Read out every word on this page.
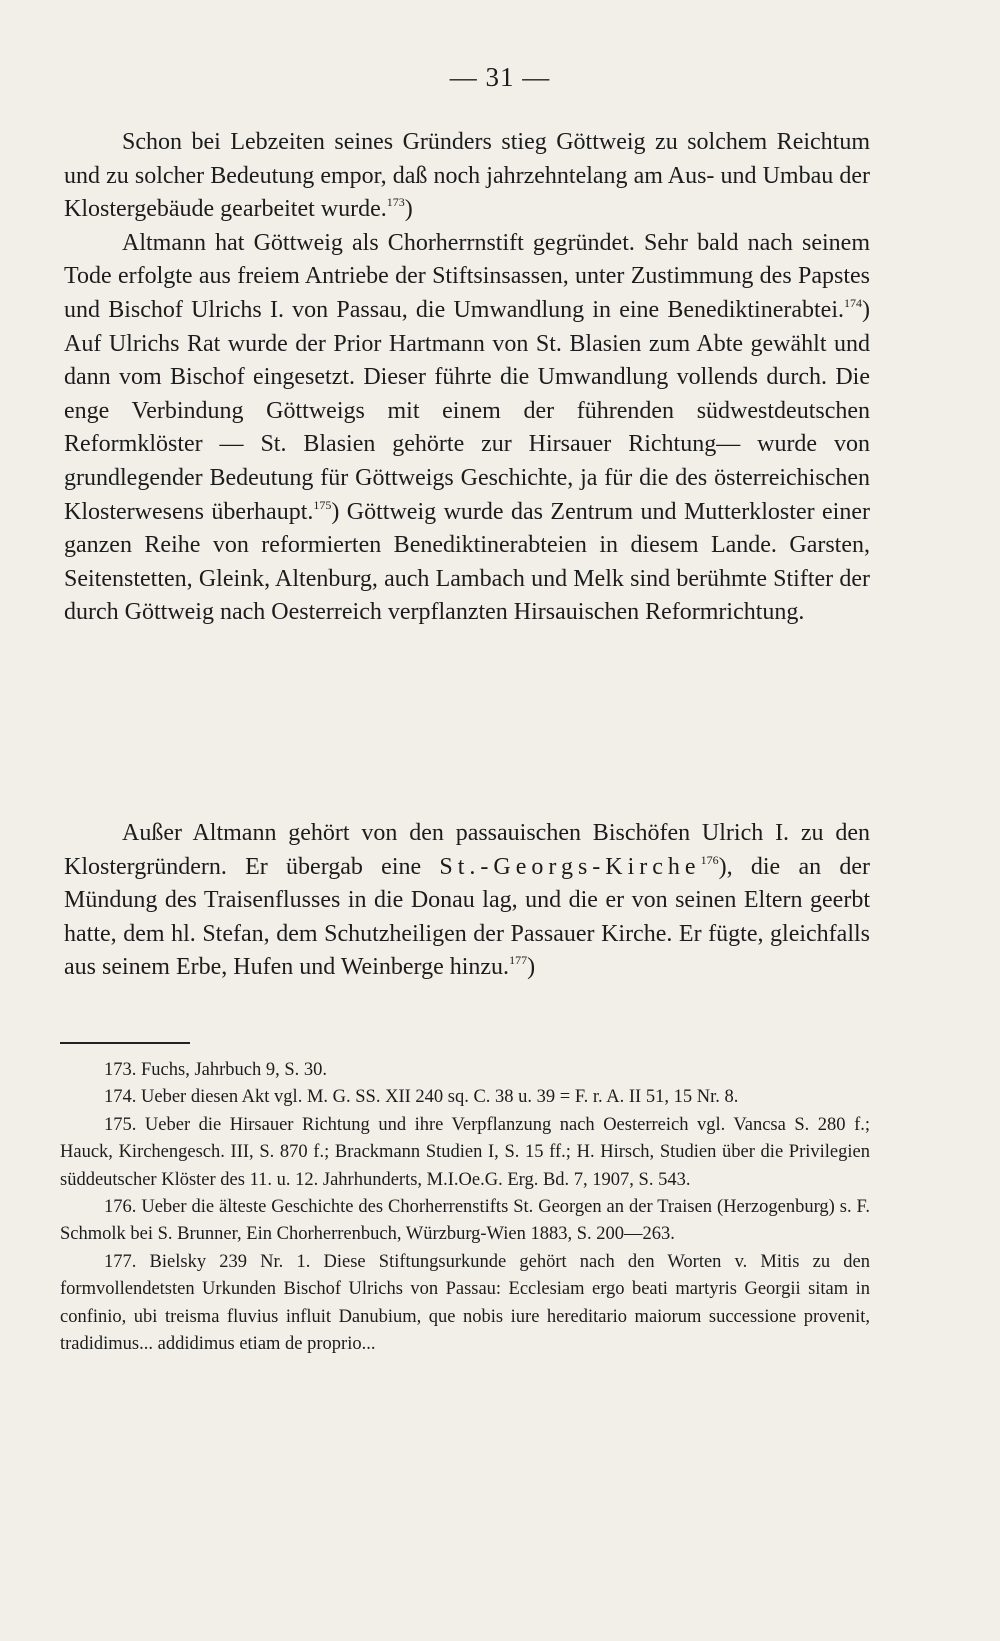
— 31 —

Schon bei Lebzeiten seines Gründers stieg Göttweig zu solchem Reichtum und zu solcher Bedeutung empor, daß noch jahrzehntelang am Aus- und Umbau der Klostergebäude gearbeitet wurde.$^{173}$)

Altmann hat Göttweig als Chorherrnstift gegründet. Sehr bald nach seinem Tode erfolgte aus freiem Antriebe der Stiftsinsassen, unter Zustimmung des Papstes und Bischof Ulrichs I. von Passau, die Umwandlung in eine Benediktinerabtei.$^{174}$) Auf Ulrichs Rat wurde der Prior Hartmann von St. Blasien zum Abte gewählt und dann vom Bischof eingesetzt. Dieser führte die Umwandlung vollends durch. Die enge Verbindung Göttweigs mit einem der führenden südwestdeutschen Reformklöster — St. Blasien gehörte zur Hirsauer Richtung— wurde von grundlegender Bedeutung für Göttweigs Geschichte, ja für die des österreichischen Klosterwesens überhaupt.$^{175}$) Göttweig wurde das Zentrum und Mutterkloster einer ganzen Reihe von reformierten Benediktinerabteien in diesem Lande. Garsten, Seitenstetten, Gleink, Altenburg, auch Lambach und Melk sind berühmte Stifter der durch Göttweig nach Oesterreich verpflanzten Hirsauischen Reformrichtung.

Außer Altmann gehört von den passauischen Bischöfen Ulrich I. zu den Klostergründern. Er übergab eine St.-Georgs-Kirche$^{176}$), die an der Mündung des Traisenflusses in die Donau lag, und die er von seinen Eltern geerbt hatte, dem hl. Stefan, dem Schutzheiligen der Passauer Kirche. Er fügte, gleichfalls aus seinem Erbe, Hufen und Weinberge hinzu.$^{177}$)

173. Fuchs, Jahrbuch 9, S. 30.

174. Ueber diesen Akt vgl. M. G. SS. XII 240 sq. C. 38 u. 39 = F. r. A. II 51, 15 Nr. 8.

175. Ueber die Hirsauer Richtung und ihre Verpflanzung nach Oesterreich vgl. Vancsa S. 280 f.; Hauck, Kirchengesch. III, S. 870 f.; Brackmann Studien I, S. 15 ff.; H. Hirsch, Studien über die Privilegien süddeutscher Klöster des 11. u. 12. Jahrhunderts, M.I.Oe.G. Erg. Bd. 7, 1907, S. 543.

176. Ueber die älteste Geschichte des Chorherrenstifts St. Georgen an der Traisen (Herzogenburg) s. F. Schmolk bei S. Brunner, Ein Chorherrenbuch, Würzburg-Wien 1883, S. 200—263.

177. Bielsky 239 Nr. 1. Diese Stiftungsurkunde gehört nach den Worten v. Mitis zu den formvollendetsten Urkunden Bischof Ulrichs von Passau: Ecclesiam ergo beati martyris Georgii sitam in confinio, ubi treisma fluvius influit Danubium, que nobis iure hereditario maiorum successione provenit, tradidimus... addidimus etiam de proprio...
